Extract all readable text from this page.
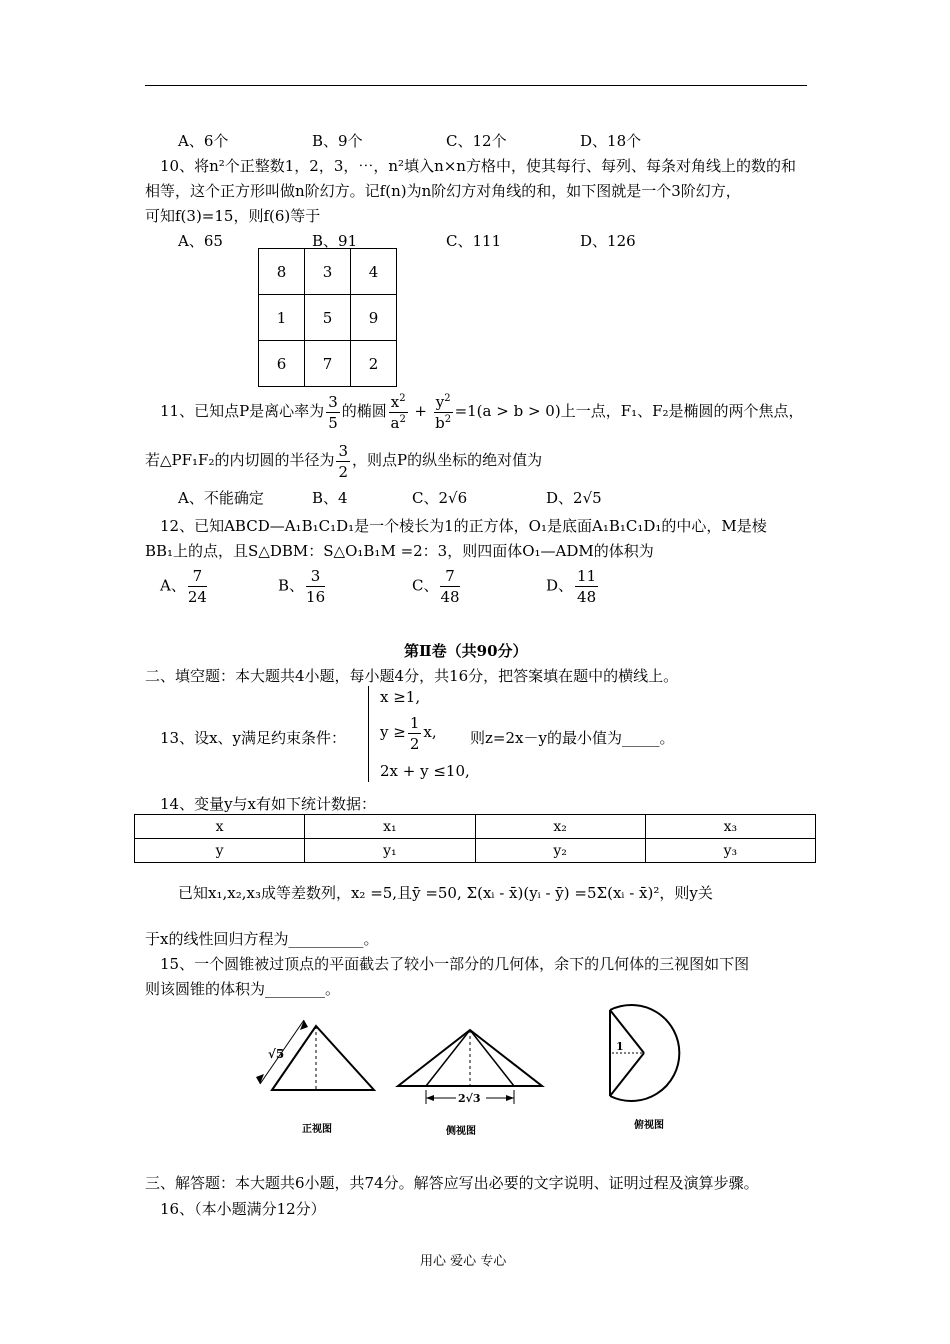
A、6个	B、9个	C、12个	D、18个
10、将n²个正整数1，2，3，⋯，n²填入n×n方格中，使其每行、每列、每条对角线上的数的和
相等，这个正方形叫做n阶幻方。记f(n)为n阶幻方对角线的和，如下图就是一个3阶幻方，
可知f(3)=15，则f(6)等于
A、65	B、91	C、111	D、126
8	3	4
1	5	9
6	7	2
11、已知点P是离心率为 $\frac{3}{5}$ 的椭圆 $\frac{x^2}{a^2} + \frac{y^2}{b^2} =1(a > b > 0)$上一点，F₁、F₂是椭圆的两个焦点，
若△PF₁F₂的内切圆的半径为 $\frac{3}{2}$ ，则点P的纵坐标的绝对值为
A、不能确定	B、4	C、2√6	D、2√5
12、已知ABCD—A₁B₁C₁D₁是一个棱长为1的正方体，O₁是底面A₁B₁C₁D₁的中心，M是棱
BB₁上的点，且S△DBM：S△O₁B₁M =2：3，则四面体O₁—ADM的体积为
A、 $\frac{7}{24}$	B、 $\frac{3}{16}$	C、 $\frac{7}{48}$	D、 $\frac{11}{48}$
第Ⅱ卷（共90分）
二、填空题：本大题共4小题，每小题4分，共16分，把答案填在题中的横线上。
13、设x、y满足约束条件：
x ≥1,
$y \ge \frac{1}{2} x$,
2x + y ≤10,
则z=2x－y的最小值为_____。
14、变量y与x有如下统计数据：
x	x₁	x₂	x₃
y	y₁	y₂	y₃
已知x₁,x₂,x₃成等差数列，x₂ =5,且ȳ =50, Σ(xᵢ - x̄)(yᵢ - ȳ) =5Σ(xᵢ - x̄)²，则y关
于x的线性回归方程为__________。
15、一个圆锥被过顶点的平面截去了较小一部分的几何体，余下的几何体的三视图如下图
则该圆锥的体积为________。
√5
2√3
1
正视图	侧视图
俯视图
三、解答题：本大题共6小题，共74分。解答应写出必要的文字说明、证明过程及演算步骤。
16、（本小题满分12分）
用心 爱心 专心
